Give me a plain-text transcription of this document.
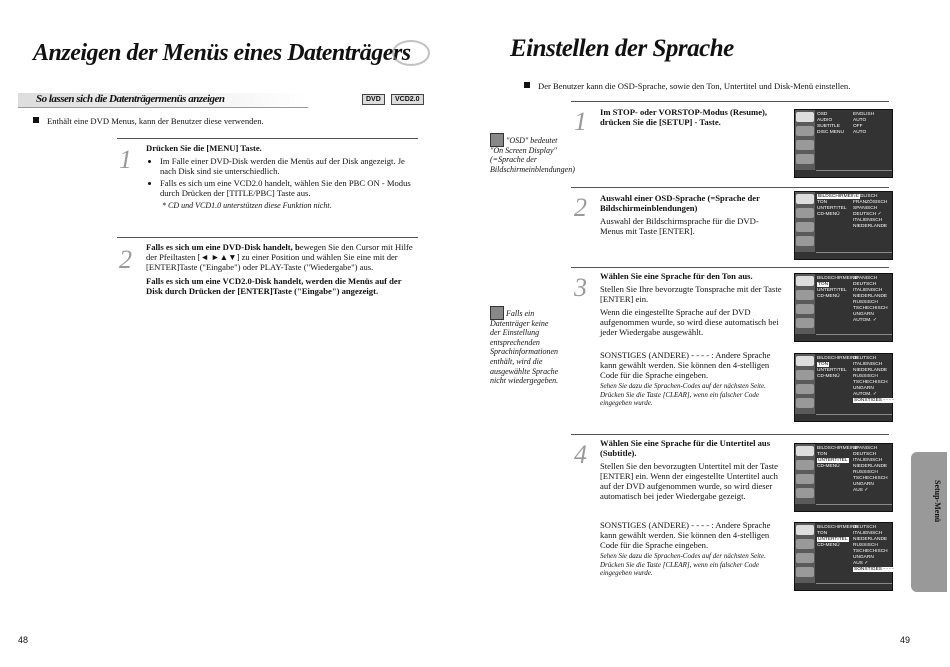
Anzeigen der Menüs eines Datenträgers
So lassen sich die Datenträgermenüs anzeigen	DVD	VCD2.0
Enthält eine DVD Menus, kann der Benutzer diese verwenden.
1 Drücken Sie die [MENU] Taste.
• Im Falle einer DVD-Disk werden die Menüs auf der Disk angezeigt. Je nach Disk sind sie unterschiedlich.
• Falls es sich um eine VCD2.0 handelt, wählen Sie den PBC ON - Modus durch Drücken der [TITLE/PBC] Taste aus.
* CD und VCD1.0 unterstützen diese Funktion nicht.
2 Falls es sich um eine DVD-Disk handelt, bewegen Sie den Cursor mit Hilfe der Pfeiltasten [◄ ►▲▼] zu einer Position und wählen Sie eine mit der [ENTER]Taste ("Eingabe") oder PLAY-Taste ("Wiedergabe") aus.
Falls es sich um eine VCD2.0-Disk handelt, werden die Menüs auf der Disk durch Drücken der [ENTER]Taste ("Eingabe") angezeigt.
48
Einstellen der Sprache
Der Benutzer kann die OSD-Sprache, sowie den Ton, Untertitel und Disk-Menü einstellen.
"OSD" bedeutet "On Screen Display" (=Sprache der Bildschirmeinblendungen)
Falls ein Datenträger keine der Einstellung entsprechenden Sprachinformationen enthält, wird die ausgewählte Sprache nicht wiedergegeben.
1 Im STOP- oder VORSTOP-Modus (Resume), drücken Sie die [SETUP] - Taste.
2 Auswahl einer OSD-Sprache (=Sprache der Bildschirmeinblendungen)
Auswahl der Bildschirmsprache für die DVD-Menus mit Taste [ENTER].
3 Wählen Sie eine Sprache für den Ton aus.
Stellen Sie Ihre bevorzugte Tonsprache mit der Taste [ENTER] ein.
Wenn die eingestellte Sprache auf der DVD aufgenommen wurde, so wird diese automatisch bei jeder Wiedergabe ausgewählt.
SONSTIGES (ANDERE) - - - - : Andere Sprache kann gewählt werden. Sie können den 4-stelligen Code für die Sprache eingeben.
Sehen Sie dazu die Sprachen-Codes auf der nächsten Seite. Drücken Sie die Taste [CLEAR], wenn ein falscher Code eingegeben wurde.
4 Wählen Sie eine Sprache für die Untertitel aus (Subtitle).
Stellen Sie den bevorzugten Untertitel mit der Taste [ENTER] ein. Wenn der eingestellte Untertitel auch auf der DVD aufgenommen wurde, so wird dieser automatisch bei jeder Wiedergabe gezeigt.
SONSTIGES (ANDERE) - - - - : Andere Sprache kann gewählt werden. Sie können den 4-stelligen Code für die Sprache eingeben.
Sehen Sie dazu die Sprachen-Codes auf der nächsten Seite. Drücken Sie die Taste [CLEAR], wenn ein falscher Code eingegeben wurde.
OSD
AUDIO
SUBTITLE
DISC MENU
ENGLISH
AUTO
OFF
AUTO
BILDSCHIRMEINB
TON
UNTERTITEL
CD-MENÜ
ENGLISCH
FRANZÖSISCH
SPANISCH
DEUTSCH ✓
ITALIENISCH
NIEDERLANDE
BILDSCHIRMEINB
TON
UNTERTITEL
CD-MENÜ
SPANISCH
DEUTSCH
ITALIENISCH
NIEDERLANDE
RUSSISCH
TSCHECHISCH
UNGARN
AUTOM. ✓
BILDSCHIRMEINB
TON
UNTERTITEL
CD-MENÜ
DEUTSCH
ITALIENISCH
NIEDERLANDE
RUSSISCH
TSCHECHISCH
UNGARN
AUTOM. ✓
SONSTIGES - - - -
BILDSCHIRMEINB
TON
UNTERTITEL
CD-MENÜ
SPANISCH
DEUTSCH
ITALIENISCH
NIEDERLANDE
RUSSISCH
TSCHECHISCH
UNGARN
AUS ✓
BILDSCHIRMEINB
TON
UNTERTITEL
CD-MENÜ
DEUTSCH
ITALIENISCH
NIEDERLANDE
RUSSISCH
TSCHECHISCH
UNGARN
AUS ✓
SONSTIGES - - - -
Setup-Menü
49
